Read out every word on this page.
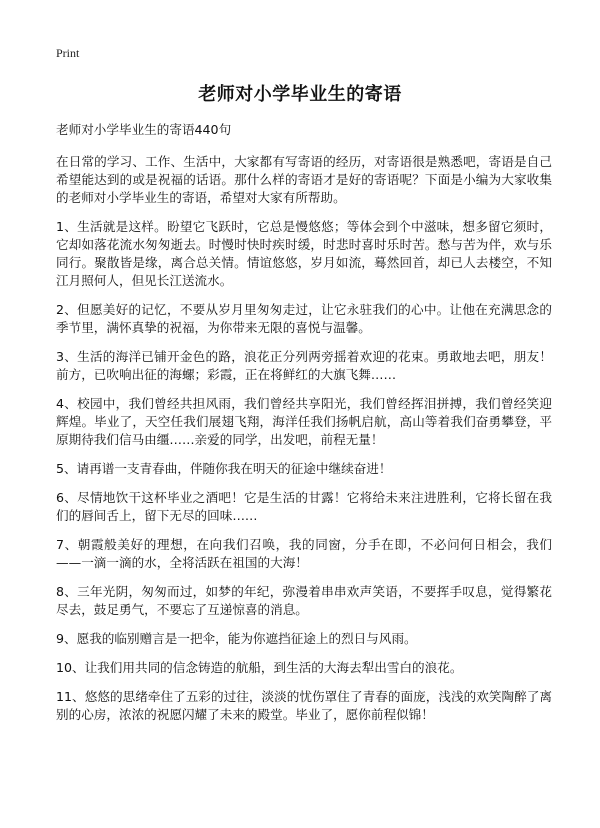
Print
老师对小学毕业生的寄语

老师对小学毕业生的寄语440句

在日常的学习、工作、生活中，大家都有写寄语的经历，对寄语很是熟悉吧，寄语是自己希望能达到的或是祝福的话语。那什么样的寄语才是好的寄语呢？下面是小编为大家收集的老师对小学毕业生的寄语，希望对大家有所帮助。

1、生活就是这样。盼望它飞跃时，它总是慢悠悠；等体会到个中滋味，想多留它须时，它却如落花流水匆匆逝去。时慢时快时疾时缓，时悲时喜时乐时苦。愁与苦为伴，欢与乐同行。聚散皆是缘，离合总关情。情谊悠悠，岁月如流，蓦然回首，却已人去楼空，不知江月照何人，但见长江送流水。

2、但愿美好的记忆，不要从岁月里匆匆走过，让它永驻我们的心中。让他在充满思念的季节里，满怀真挚的祝福，为你带来无限的喜悦与温馨。

3、生活的海洋已铺开金色的路，浪花正分列两旁摇着欢迎的花束。勇敢地去吧，朋友！前方，已吹响出征的海螺；彩霞，正在将鲜红的大旗飞舞……

4、校园中，我们曾经共担风雨，我们曾经共享阳光，我们曾经挥泪拼搏，我们曾经笑迎辉煌。毕业了，天空任我们展翅飞翔，海洋任我们扬帆启航，高山等着我们奋勇攀登，平原期待我们信马由缰……亲爱的同学，出发吧，前程无量！

5、请再谱一支青春曲，伴随你我在明天的征途中继续奋进！

6、尽情地饮干这杯毕业之酒吧！它是生活的甘露！它将给未来注进胜利，它将长留在我们的唇间舌上，留下无尽的回味……

7、朝霞般美好的理想，在向我们召唤，我的同窗，分手在即，不必问何日相会，我们——一滴一滴的水，全将活跃在祖国的大海！

8、三年光阴，匆匆而过，如梦的年纪，弥漫着串串欢声笑语，不要挥手叹息，觉得繁花尽去，鼓足勇气，不要忘了互递惊喜的消息。

9、愿我的临别赠言是一把伞，能为你遮挡征途上的烈日与风雨。

10、让我们用共同的信念铸造的航船，到生活的大海去犁出雪白的浪花。

11、悠悠的思绪牵住了五彩的过往，淡淡的忧伤罩住了青春的面庞，浅浅的欢笑陶醉了离别的心房，浓浓的祝愿闪耀了未来的殿堂。毕业了，愿你前程似锦！
